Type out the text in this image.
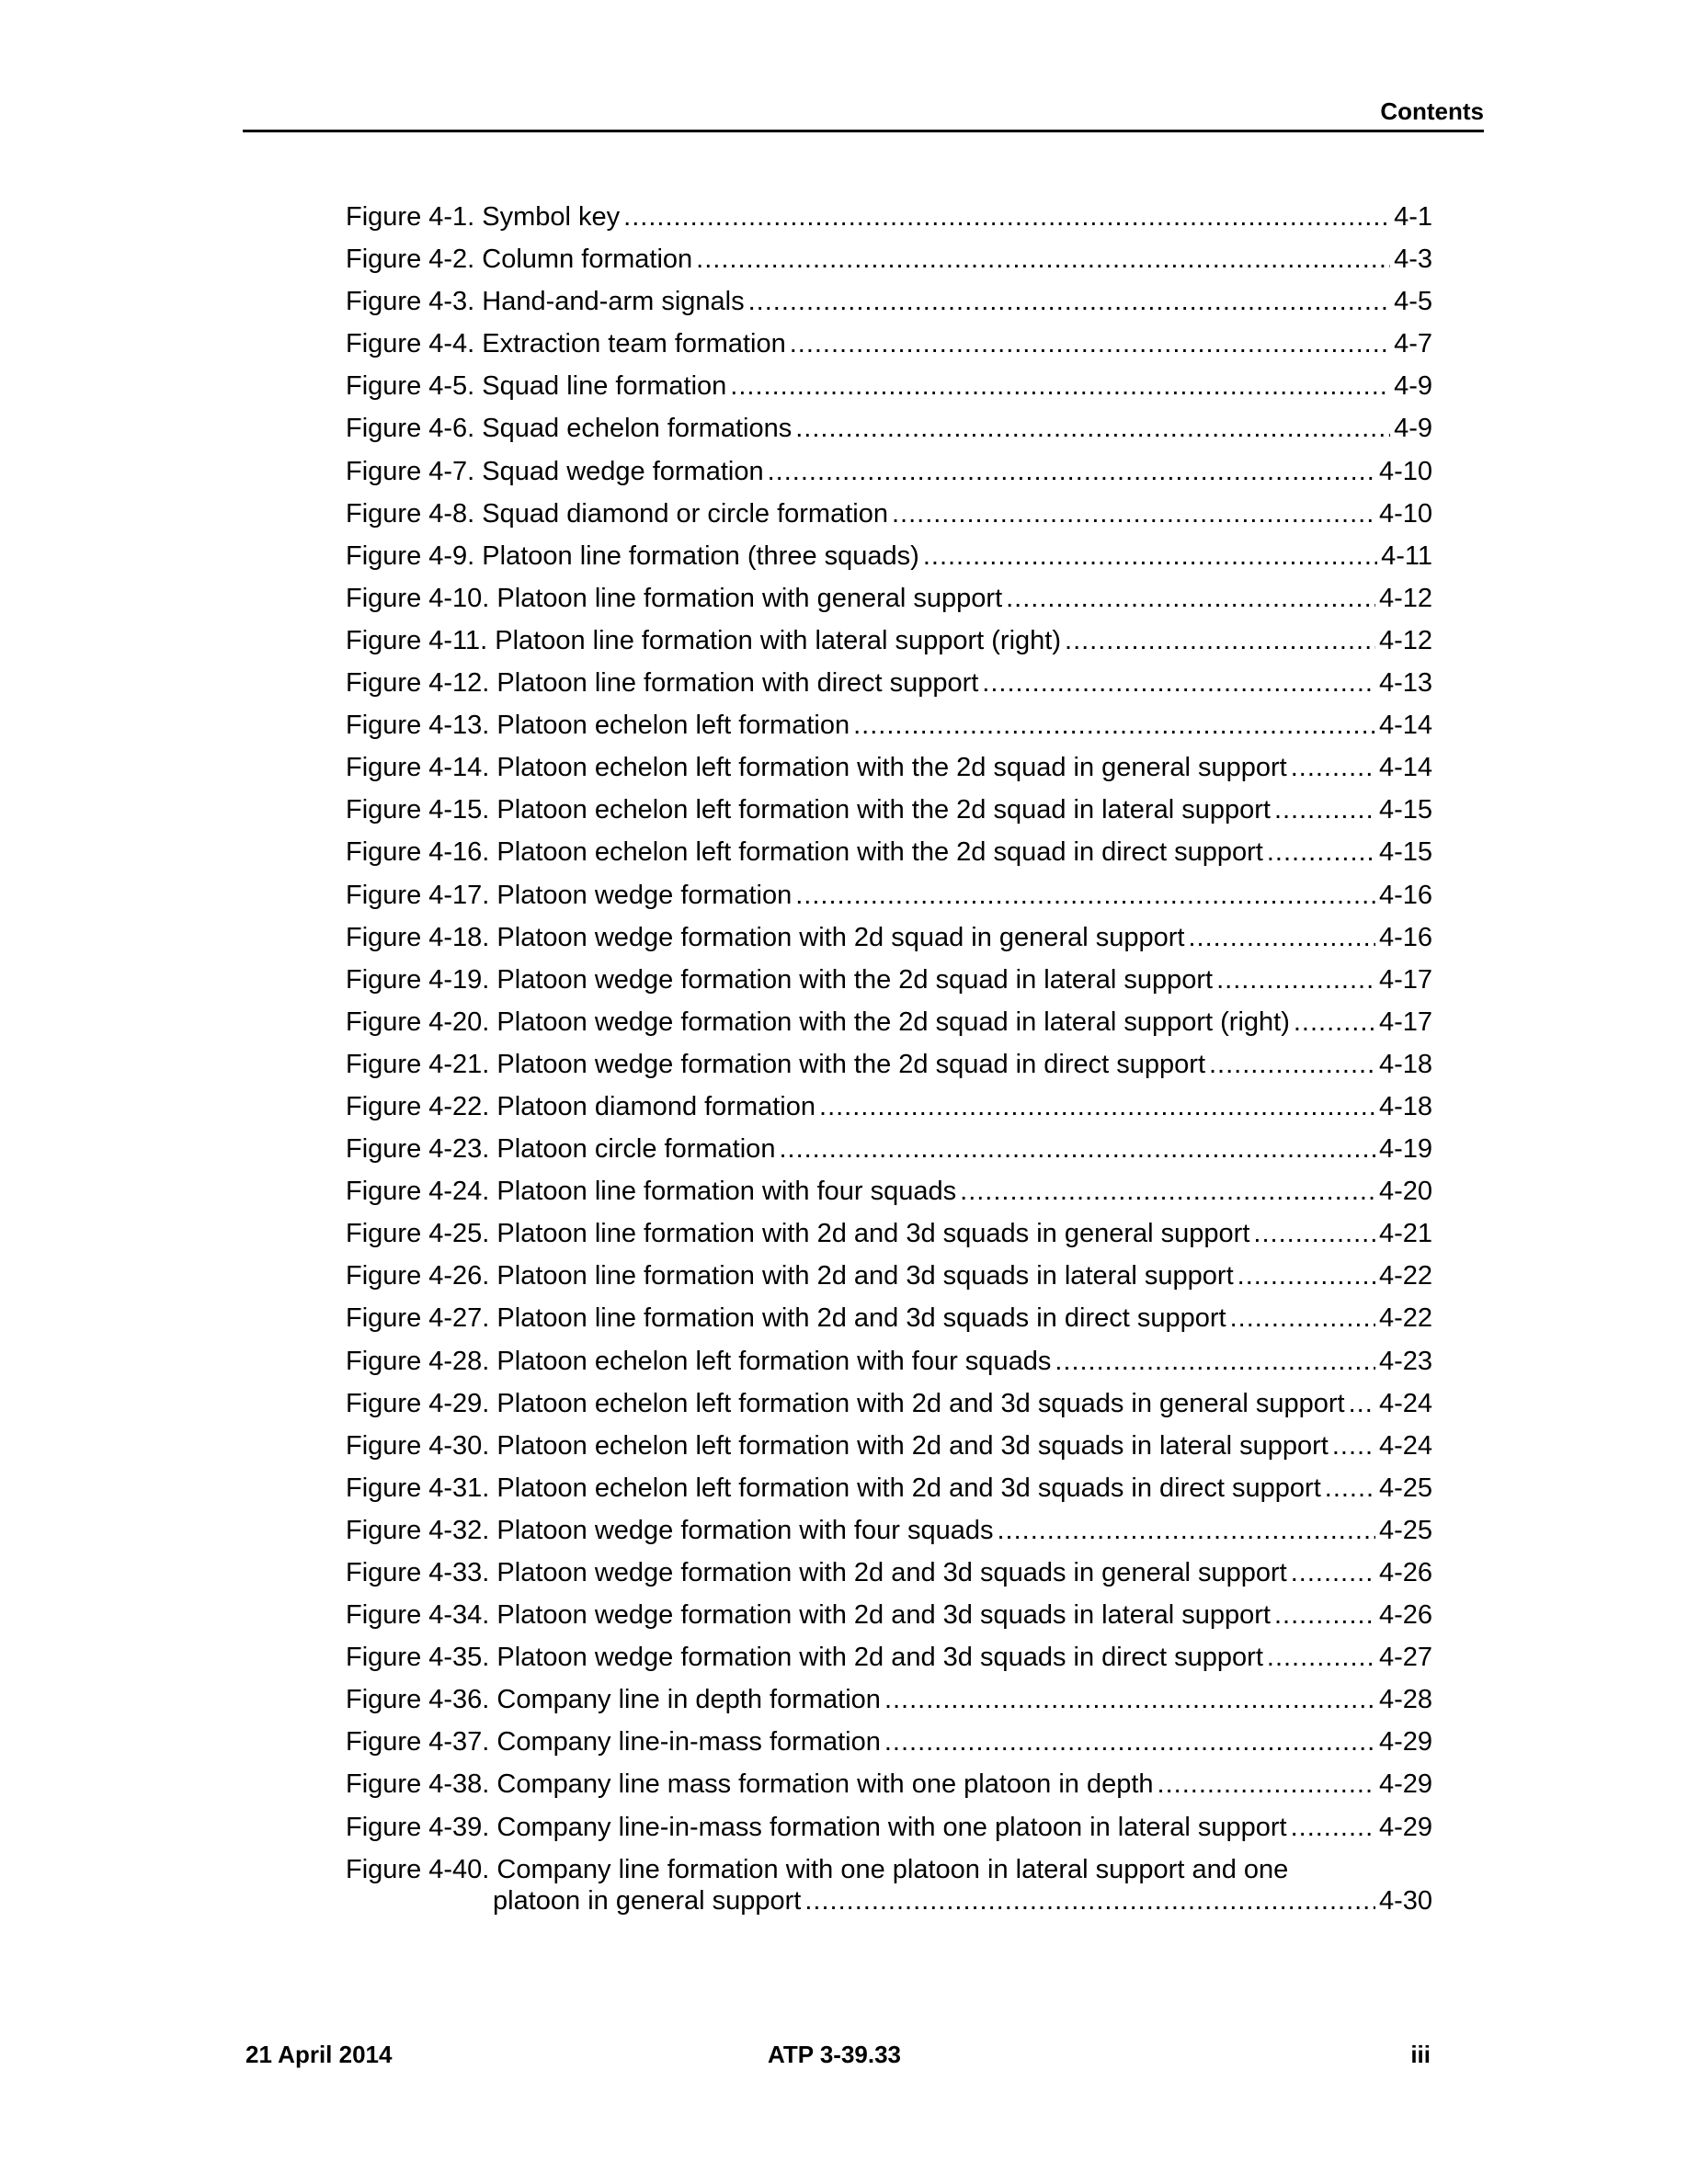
Contents
Figure 4-1. Symbol key .....	4-1
Figure 4-2. Column formation .....	4-3
Figure 4-3. Hand-and-arm signals .....	4-5
Figure 4-4. Extraction team formation .....	4-7
Figure 4-5. Squad line formation .....	4-9
Figure 4-6. Squad echelon formations .....	4-9
Figure 4-7. Squad wedge formation .....	4-10
Figure 4-8. Squad diamond or circle formation .....	4-10
Figure 4-9. Platoon line formation (three squads) .....	4-11
Figure 4-10. Platoon line formation with general support .....	4-12
Figure 4-11. Platoon line formation with lateral support (right) .....	4-12
Figure 4-12. Platoon line formation with direct support .....	4-13
Figure 4-13. Platoon echelon left formation .....	4-14
Figure 4-14. Platoon echelon left formation with the 2d squad in general support .....	4-14
Figure 4-15. Platoon echelon left formation with the 2d squad in lateral support .....	4-15
Figure 4-16. Platoon echelon left formation with the 2d squad in direct support .....	4-15
Figure 4-17. Platoon wedge formation .....	4-16
Figure 4-18. Platoon wedge formation with 2d squad in general support .....	4-16
Figure 4-19. Platoon wedge formation with the 2d squad in lateral support .....	4-17
Figure 4-20. Platoon wedge formation with the 2d squad in lateral support (right) .....	4-17
Figure 4-21. Platoon wedge formation with the 2d squad in direct support .....	4-18
Figure 4-22. Platoon diamond formation .....	4-18
Figure 4-23. Platoon circle formation .....	4-19
Figure 4-24. Platoon line formation with four squads .....	4-20
Figure 4-25. Platoon line formation with 2d and 3d squads in general support .....	4-21
Figure 4-26. Platoon line formation with 2d and 3d squads in lateral support .....	4-22
Figure 4-27. Platoon line formation with 2d and 3d squads in direct support .....	4-22
Figure 4-28. Platoon echelon left formation with four squads .....	4-23
Figure 4-29. Platoon echelon left formation with 2d and 3d squads in general support ..... 4-24
Figure 4-30. Platoon echelon left formation with 2d and 3d squads in lateral support ..... 4-24
Figure 4-31. Platoon echelon left formation with 2d and 3d squads in direct support ..... 4-25
Figure 4-32. Platoon wedge formation with four squads .....	4-25
Figure 4-33. Platoon wedge formation with 2d and 3d squads in general support .....	4-26
Figure 4-34. Platoon wedge formation with 2d and 3d squads in lateral support .....	4-26
Figure 4-35. Platoon wedge formation with 2d and 3d squads in direct support .....	4-27
Figure 4-36. Company line in depth formation .....	4-28
Figure 4-37. Company line-in-mass formation .....	4-29
Figure 4-38. Company line mass formation with one platoon in depth .....	4-29
Figure 4-39. Company line-in-mass formation with one platoon in lateral support .....	4-29
Figure 4-40. Company line formation with one platoon in lateral support and one
platoon in general support .....	4-30
21 April 2014	ATP 3-39.33	iii
